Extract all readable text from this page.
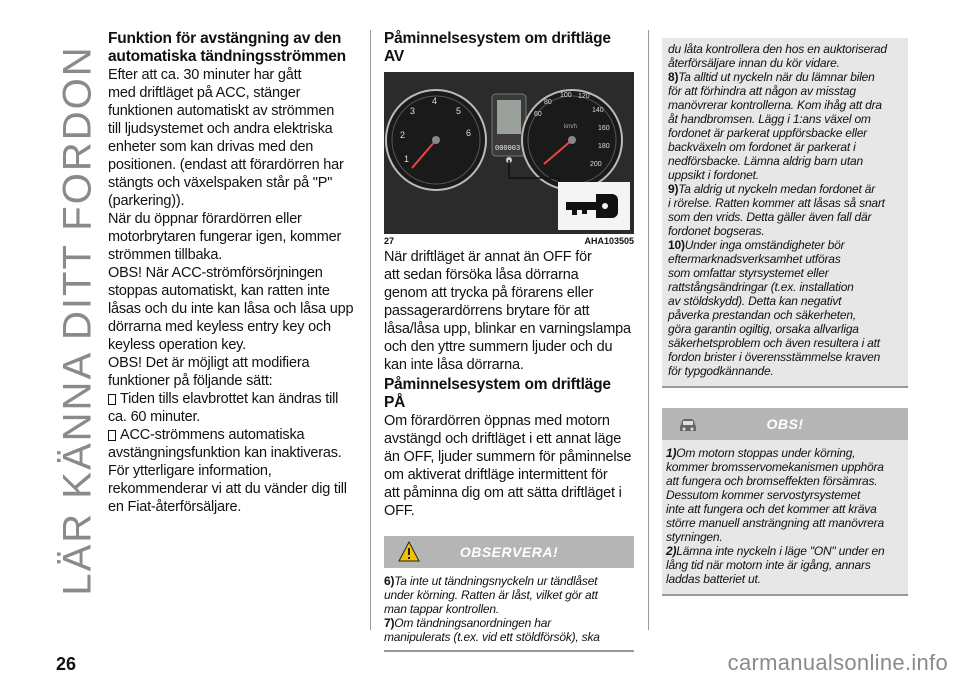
LÄR KÄNNA DITT FORDON
Funktion för avstängning av den
automatiska tändningsströmmen

Efter att ca. 30 minuter har gått
med driftläget på ACC, stänger
funktionen automatiskt av strömmen
till ljudsystemet och andra elektriska
enheter som kan drivas med den
positionen. (endast att förardörren har
stängts och växelspaken står på "P"
(parkering)).
När du öppnar förardörren eller
motorbrytaren fungerar igen, kommer
strömmen tillbaka.
OBS! När ACC-strömförsörjningen
stoppas automatiskt, kan ratten inte
låsas och du inte kan låsa och låsa upp
dörrarna med keyless entry key och
keyless operation key.
OBS! Det är möjligt att modifiera
funktioner på följande sätt:

Tiden tills elavbrottet kan ändras till
ca. 60 minuter.

ACC-strömmens automatiska
avstängningsfunktion kan inaktiveras.

För ytterligare information,
rekommenderar vi att du vänder dig till
en Fiat-återförsäljare.

Påminnelsesystem om driftläge AV
1
2
3
4
5
6
000003
60
80
100 120
140
160
180
200
km/h
27	AHA103505

När driftläget är annat än OFF för
att sedan försöka låsa dörrarna
genom att trycka på förarens eller
passagerardörrens brytare för att
låsa/låsa upp, blinkar en varningslampa
och den yttre summern ljuder och du
kan inte låsa dörrarna.

Påminnelsesystem om driftläge PÅ

Om förardörren öppnas med motorn
avstängd och driftläget i ett annat läge
än OFF, ljuder summern för påminnelse
om aktiverat driftläge intermittent för
att påminna dig om att sätta driftläget i
OFF.

OBSERVERA!

6)Ta inte ut tändningsnyckeln ur tändlåset
under körning. Ratten är låst, vilket gör att
man tappar kontrollen.

7)Om tändningsanordningen har
manipulerats (t.ex. vid ett stöldförsök), ska

du låta kontrollera den hos en auktoriserad
återförsäljare innan du kör vidare.

8)Ta alltid ut nyckeln när du lämnar bilen
för att förhindra att någon av misstag
manövrerar kontrollerna. Kom ihåg att dra
åt handbromsen. Lägg i 1:ans växel om
fordonet är parkerat uppförsbacke eller
backväxeln om fordonet är parkerat i
nedförsbacke. Lämna aldrig barn utan
uppsikt i fordonet.

9)Ta aldrig ut nyckeln medan fordonet är
i rörelse. Ratten kommer att låsas så snart
som den vrids. Detta gäller även fall där
fordonet bogseras.

10)Under inga omständigheter bör
eftermarknadsverksamhet utföras
som omfattar styrsystemet eller
rattstångsändringar (t.ex. installation
av stöldskydd). Detta kan negativt
påverka prestandan och säkerheten,
göra garantin ogiltig, orsaka allvarliga
säkerhetsproblem och även resultera i att
fordon brister i överensstämmelse kraven
för typgodkännande.

OBS!

1)Om motorn stoppas under körning,
kommer bromsservomekanismen upphöra
att fungera och bromseffekten försämras.
Dessutom kommer servostyrsystemet
inte att fungera och det kommer att kräva
större manuell ansträngning att manövrera
styrningen.

2)Lämna inte nyckeln i läge "ON" under en
lång tid när motorn inte är igång, annars
laddas batteriet ut.

26	carmanualsonline.info
